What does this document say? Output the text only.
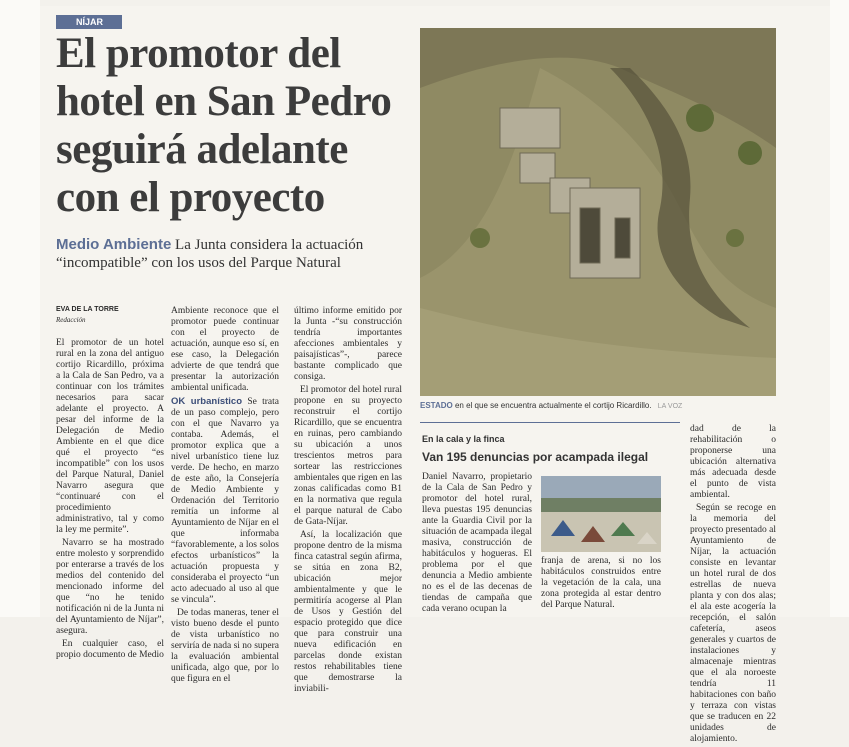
NÍJAR
El promotor del
hotel en San Pedro
seguirá adelante
con el proyecto
Medio Ambiente La Junta considera la actuación “incompatible” con los usos del Parque Natural
ESTADO en el que se encuentra actualmente el cortijo Ricardillo. LA VOZ
EVA DE LA TORRE
Redacción

El promotor de un hotel rural en la zona del antiguo cortijo Ricardillo, próxima a la Cala de San Pedro, va a continuar con los trámites necesarios para sacar adelante el proyecto. A pesar del informe de la Delegación de Medio Ambiente en el que dice qué el proyecto “es incompatible” con los usos del Parque Natural, Daniel Navarro asegura que “continuaré con el procedimiento administrativo, tal y como la ley me permite”.

Navarro se ha mostrado entre molesto y sorprendido por enterarse a través de los medios del contenido del mencionado informe del que “no he tenido notificación ni de la Junta ni del Ayuntamiento de Níjar”, asegura.

En cualquier caso, el propio documento de Medio

Ambiente reconoce que el promotor puede continuar con el proyecto de actuación, aunque eso sí, en ese caso, la Delegación advierte de que tendrá que presentar la autorización ambiental unificada.

OK urbanístico Se trata de un paso complejo, pero con el que Navarro ya contaba. Además, el promotor explica que a nivel urbanístico tiene luz verde. De hecho, en marzo de este año, la Consejería de Medio Ambiente y Ordenación del Territorio remitía un informe al Ayuntamiento de Níjar en el que informaba “favorablemente, a los solos efectos urbanísticos” la actuación propuesta y consideraba el proyecto “un acto adecuado al uso al que se vincula”.

De todas maneras, tener el visto bueno desde el punto de vista urbanístico no serviría de nada si no supera la evaluación ambiental unificada, algo que, por lo que figura en el

último informe emitido por la Junta -“su construcción tendría importantes afecciones ambientales y paisajísticas”-, parece bastante complicado que consiga.

El promotor del hotel rural propone en su proyecto reconstruir el cortijo Ricardillo, que se encuentra en ruinas, pero cambiando su ubicación a unos trescientos metros para sortear las restricciones ambientales que rigen en las zonas calificadas como B1 en la normativa que regula el parque natural de Cabo de Gata-Níjar.

Así, la localización que propone dentro de la misma finca catastral según afirma, se sitúa en zona B2, ubicación mejor ambientalmente y que le permitiría acogerse al Plan de Usos y Gestión del espacio protegido que dice que para construir una nueva edificación en parcelas donde existan restos rehabilitables tiene que demostrarse la inviabili-

En la cala y la finca
Van 195 denuncias por acampada ilegal

Daniel Navarro, propietario de la Cala de San Pedro y promotor del hotel rural, lleva puestas 195 denuncias ante la Guardia Civil por la situación de acampada ilegal masiva, construcción de habitáculos y hogueras. El problema por el que denuncia a Medio ambiente no es el de las decenas de tiendas de campaña que cada verano ocupan la

franja de arena, si no los habitáculos construidos entre la vegetación de la cala, una zona protegida al estar dentro del Parque Natural.

dad de la rehabilitación o proponerse una ubicación alternativa más adecuada desde el punto de vista ambiental.

Según se recoge en la memoria del proyecto presentado al Ayuntamiento de Níjar, la actuación consiste en levantar un hotel rural de dos estrellas de nueva planta y con dos alas; el ala este acogería la recepción, el salón cafetería, aseos generales y cuartos de instalaciones y almacenaje mientras que el ala noroeste tendría 11 habitaciones con baño y terraza con vistas que se traducen en 22 unidades de alojamiento.
